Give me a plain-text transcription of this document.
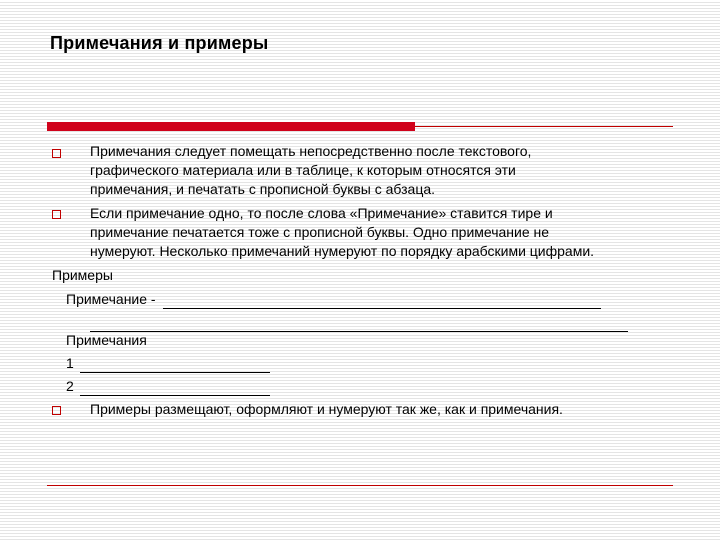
Примечания и примеры
Примечания следует помещать непосредственно после текстового,
графического материала или в таблице, к которым относятся эти
примечания, и печатать с прописной буквы с абзаца.
Если примечание одно, то после слова «Примечание» ставится тире и
примечание печатается тоже с прописной буквы. Одно примечание не
нумеруют. Несколько примечаний нумеруют по порядку арабскими цифрами.
Примеры
Примечание -
Примечания
1
2
Примеры размещают, оформляют и нумеруют так же, как и примечания.
